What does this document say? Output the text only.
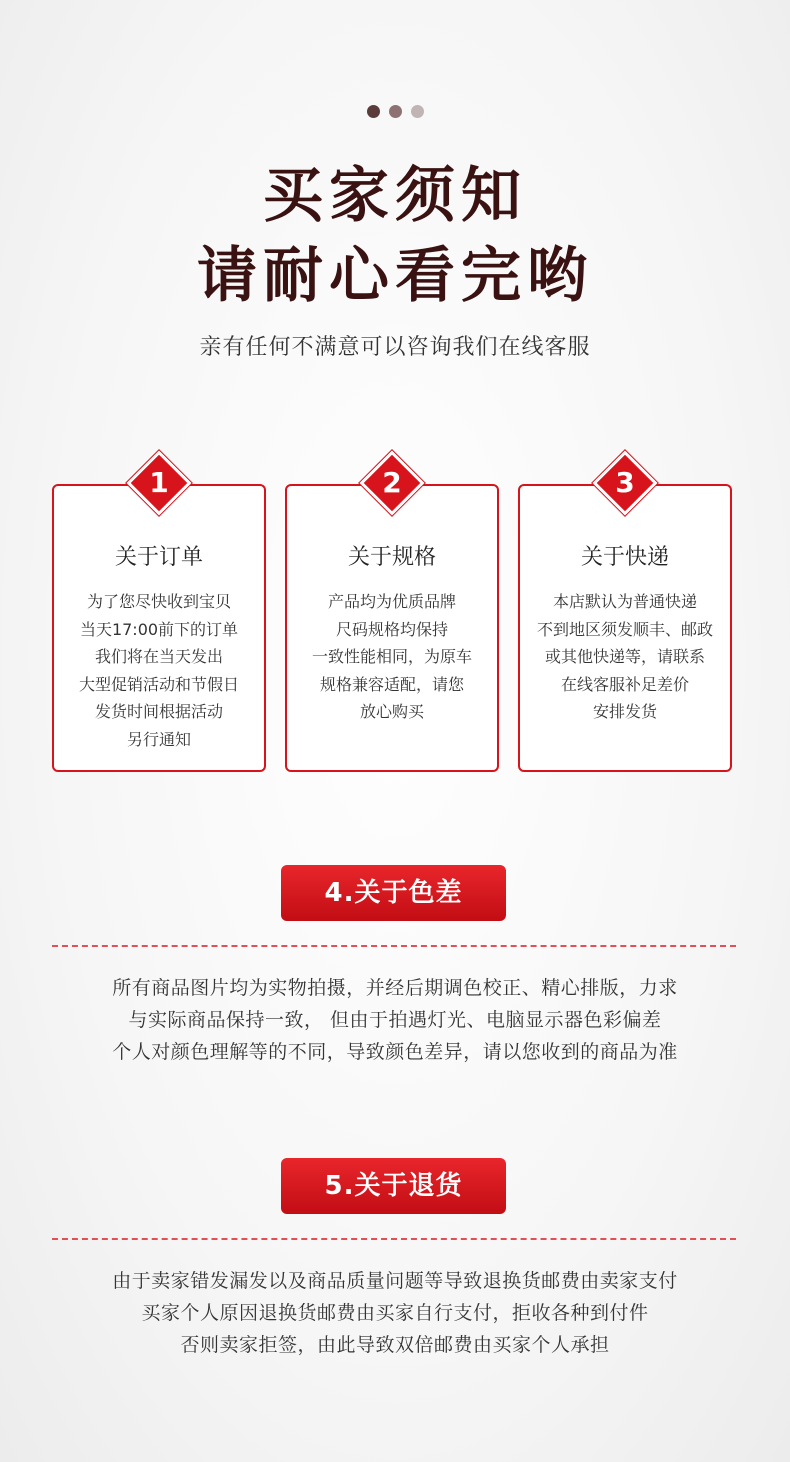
买家须知
请耐心看完哟
亲有任何不满意可以咨询我们在线客服
1
关于订单
为了您尽快收到宝贝
当天17:00前下的订单
我们将在当天发出
大型促销活动和节假日
发货时间根据活动
另行通知
2
关于规格
产品均为优质品牌
尺码规格均保持
一致性能相同，为原车
规格兼容适配，请您
放心购买
3
关于快递
本店默认为普通快递
不到地区须发顺丰、邮政
或其他快递等，请联系
在线客服补足差价
安排发货
4.关于色差
所有商品图片均为实物拍摄，并经后期调色校正、精心排版，力求
与实际商品保持一致， 但由于拍遇灯光、电脑显示器色彩偏差
个人对颜色理解等的不同，导致颜色差异，请以您收到的商品为准
5.关于退货
由于卖家错发漏发以及商品质量问题等导致退换货邮费由卖家支付
买家个人原因退换货邮费由买家自行支付，拒收各种到付件
否则卖家拒签，由此导致双倍邮费由买家个人承担
